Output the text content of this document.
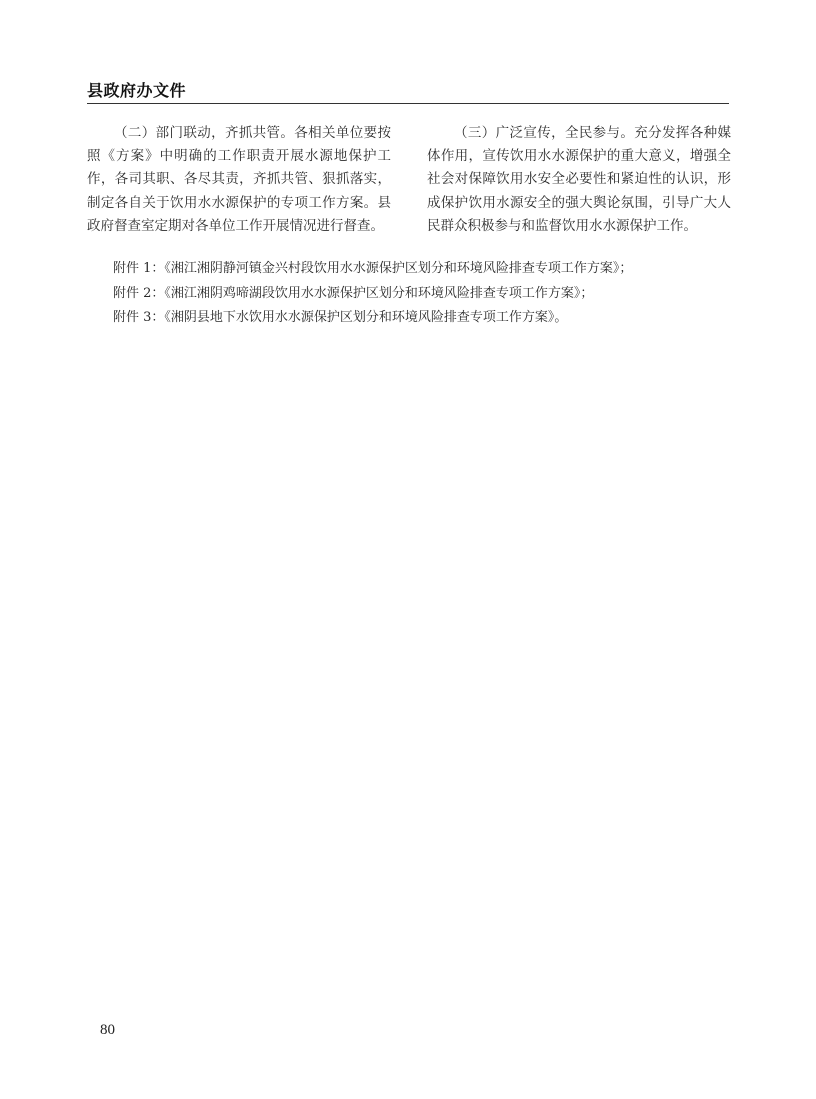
县政府办文件

（二）部门联动，齐抓共管。各相关单位要按照《方案》中明确的工作职责开展水源地保护工作，各司其职、各尽其责，齐抓共管、狠抓落实，制定各自关于饮用水水源保护的专项工作方案。县政府督查室定期对各单位工作开展情况进行督查。

（三）广泛宣传，全民参与。充分发挥各种媒体作用，宣传饮用水水源保护的重大意义，增强全社会对保障饮用水安全必要性和紧迫性的认识，形成保护饮用水源安全的强大舆论氛围，引导广大人民群众积极参与和监督饮用水水源保护工作。

附件 1：《湘江湘阴静河镇金兴村段饮用水水源保护区划分和环境风险排查专项工作方案》；
附件 2：《湘江湘阴鸡啼湖段饮用水水源保护区划分和环境风险排查专项工作方案》；
附件 3：《湘阴县地下水饮用水水源保护区划分和环境风险排查专项工作方案》。
80
